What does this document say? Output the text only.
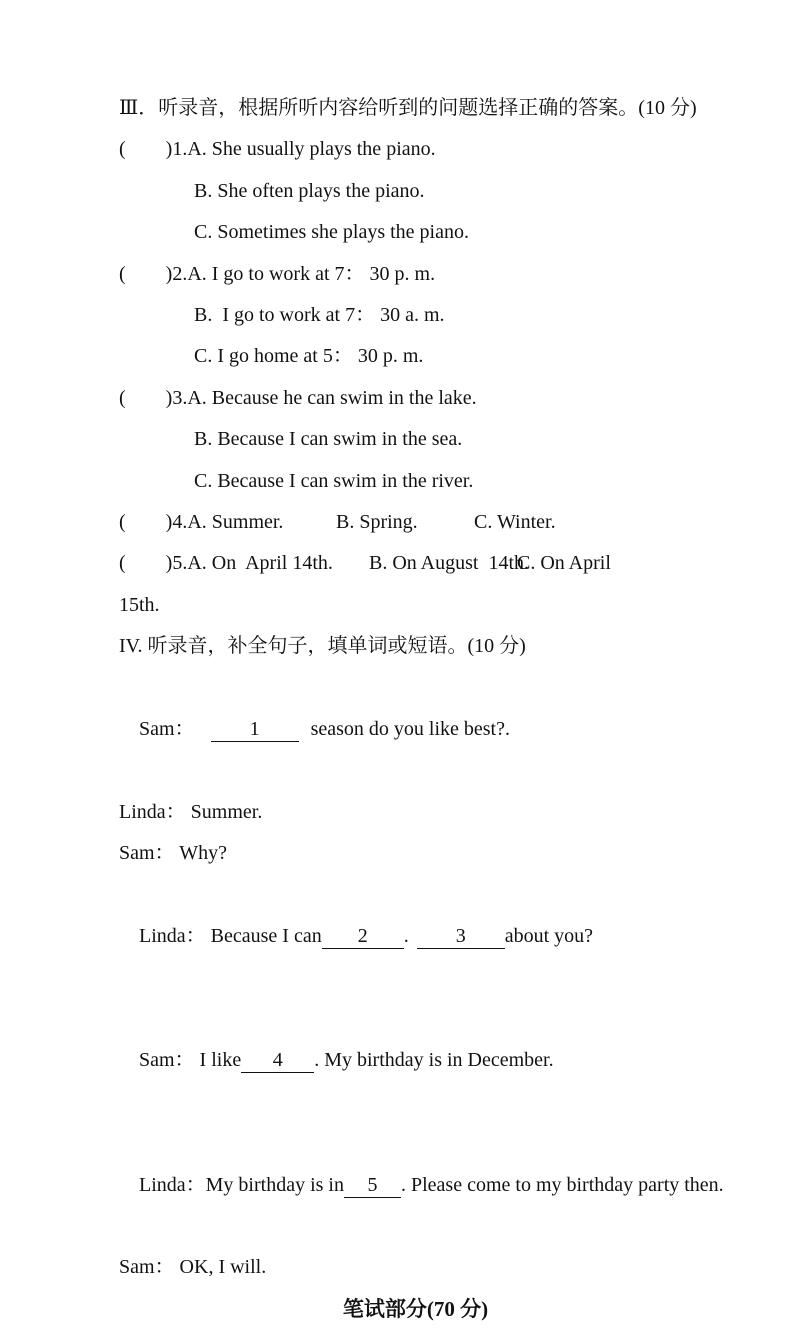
Ⅲ．听录音，根据所听内容给听到的问题选择正确的答案。(10 分)
(        )1.A. She usually plays the piano.
B. She often plays the piano.
C. Sometimes she plays the piano.
(        )2.A. I go to work at 7： 30 p. m.
B.  I go to work at 7： 30 a. m.
C. I go home at 5： 30 p. m.
(        )3.A. Because he can swim in the lake.
B. Because I can swim in the sea.
C. Because I can swim in the river.
(        )4.A. Summer.	B. Spring.	C. Winter.
(        )5.A. On  April 14th.	B. On August  14th.
C. On April
15th.
IV. 听录音，补全句子，填单词或短语。(10 分)

Sam：	1	season do you like best?.

Linda： Summer.
Sam： Why?

Linda： Because I can 2 . 3 about you?

Sam： I like 4 . My birthday is in December.

Linda：My birthday is in 5 . Please come to my birthday party then.

Sam： OK, I will.
笔试部分(70 分)
